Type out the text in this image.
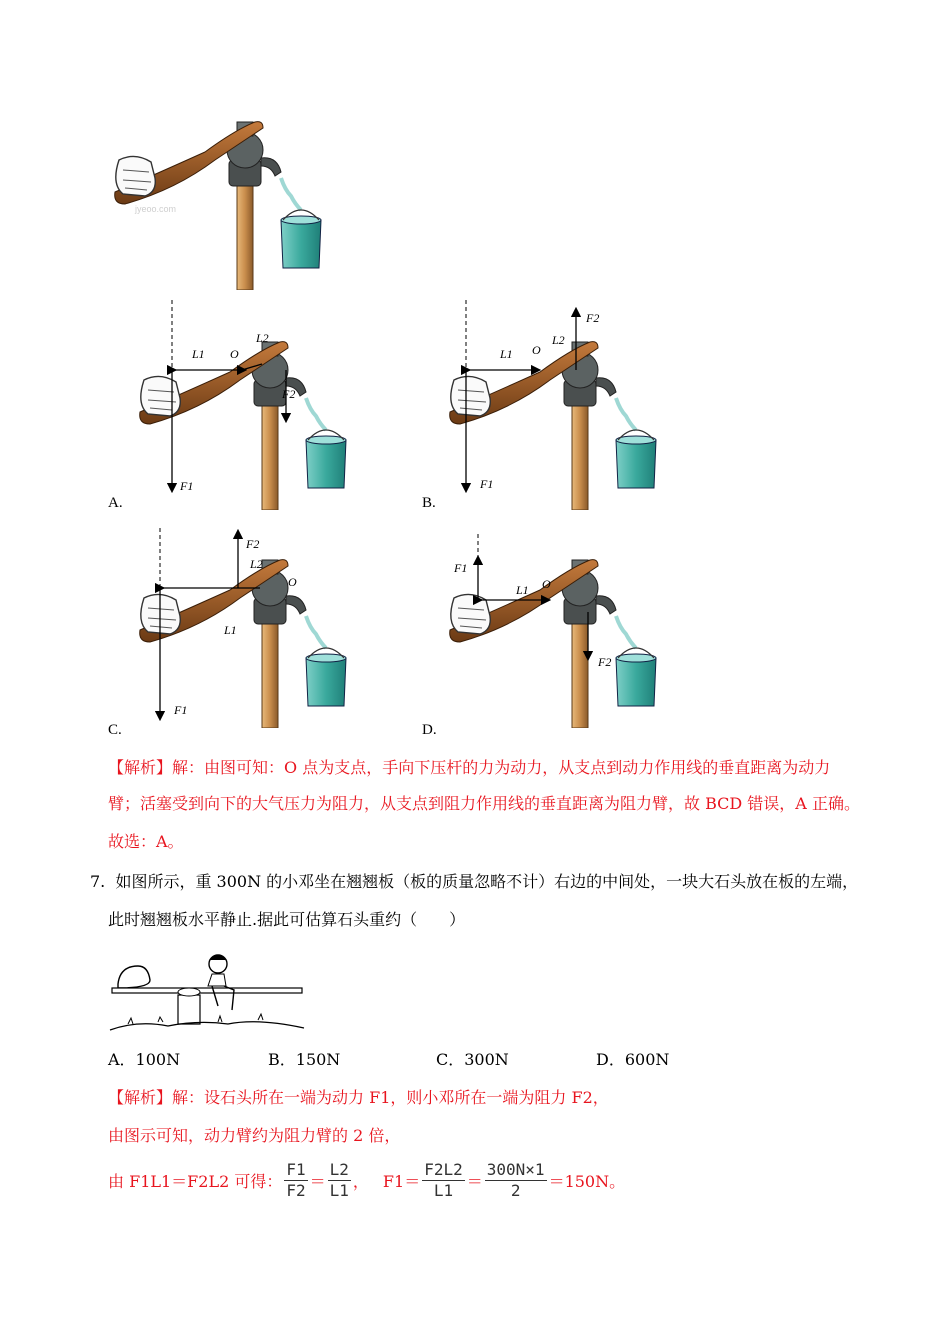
jyeoo.com
L1 O
L2
F1
F2
A.
L1 O
L2
F1
F2
B.
L1
O
L2
F1
F2
C.
F1
L1 O
F2
D.
【解析】解：由图可知：O 点为支点，手向下压杆的力为动力，从支点到动力作用线的垂直距离为动力
臂；活塞受到向下的大气压力为阻力，从支点到阻力作用线的垂直距离为阻力臂，故 BCD 错误，A 正确。
故选：A。
7. 如图所示，重 300N 的小邓坐在翘翘板（板的质量忽略不计）右边的中间处，一块大石头放在板的左端，
此时翘翘板水平静止.据此可估算石头重约（　　）
A．100N	B．150N	C．300N	D．600N
【解析】解：设石头所在一端为动力 F1，则小邓所在一端为阻力 F2，
由图示可知，动力臂约为阻力臂的 2 倍，
由 F1L1＝F2L2 可得： $\frac{F1}{F2} = \frac{L2}{L1}$ ， $F1= \frac{F2L2}{L1} = \frac{300N\times 1}{2} =150N$。
